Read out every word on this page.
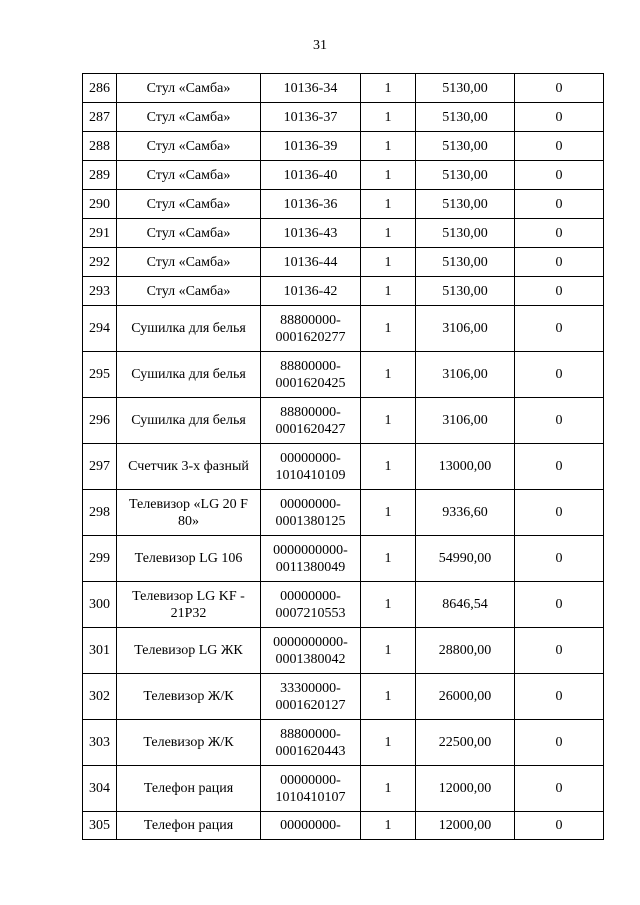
31
286	Стул «Самба»	10136-34	1	5130,00	0
287	Стул «Самба»	10136-37	1	5130,00	0
288	Стул «Самба»	10136-39	1	5130,00	0
289	Стул «Самба»	10136-40	1	5130,00	0
290	Стул «Самба»	10136-36	1	5130,00	0
291	Стул «Самба»	10136-43	1	5130,00	0
292	Стул «Самба»	10136-44	1	5130,00	0
293	Стул «Самба»	10136-42	1	5130,00	0
294	Сушилка для белья	88800000-0001620277	1	3106,00	0
295	Сушилка для белья	88800000-0001620425	1	3106,00	0
296	Сушилка для белья	88800000-0001620427	1	3106,00	0
297	Счетчик 3-х фазный	00000000-1010410109	1	13000,00	0
298	Телевизор «LG 20 F 80»	00000000-0001380125	1	9336,60	0
299	Телевизор LG 106	0000000000-0011380049	1	54990,00	0
300	Телевизор LG KF - 21P32	00000000-0007210553	1	8646,54	0
301	Телевизор LG ЖК	0000000000-0001380042	1	28800,00	0
302	Телевизор Ж/К	33300000-0001620127	1	26000,00	0
303	Телевизор Ж/К	88800000-0001620443	1	22500,00	0
304	Телефон рация	00000000-1010410107	1	12000,00	0
305	Телефон рация	00000000-	1	12000,00	0
